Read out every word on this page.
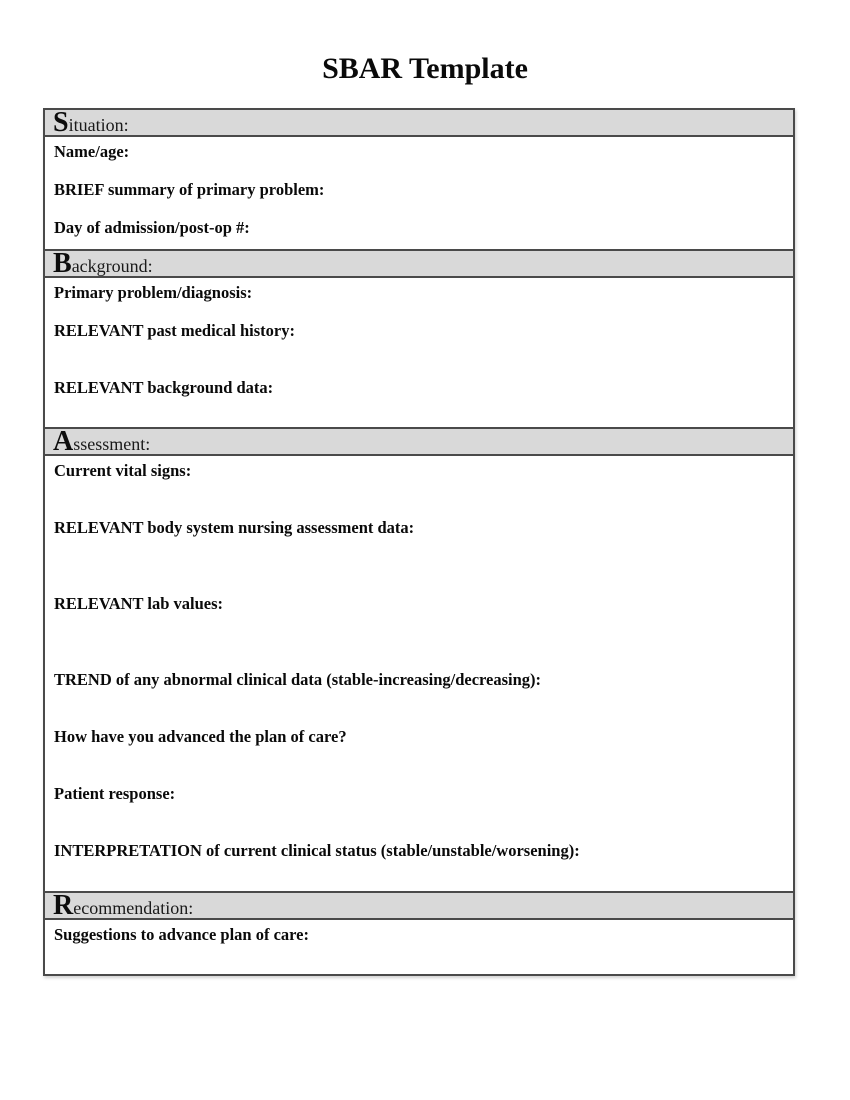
SBAR Template
Situation:

Name/age:

BRIEF summary of primary problem:

Day of admission/post-op #:

Background:

Primary problem/diagnosis:

RELEVANT past medical history:

RELEVANT background data:

Assessment:

Current vital signs:

RELEVANT body system nursing assessment data:

RELEVANT lab values:

TREND of any abnormal clinical data (stable-increasing/decreasing):

How have you advanced the plan of care?

Patient response:

INTERPRETATION of current clinical status (stable/unstable/worsening):

Recommendation:

Suggestions to advance plan of care:
